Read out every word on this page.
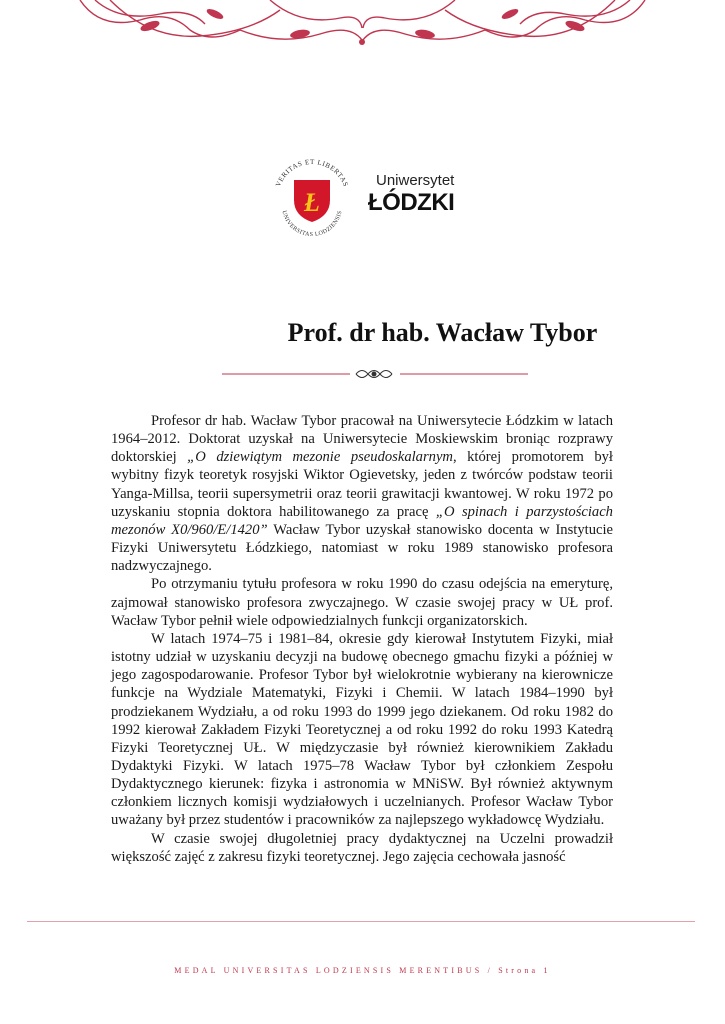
VERITAS ET LIBERTAS
UNIVERSITAS LODZIENSIS
Ł
Uniwersytet
ŁÓDZKI
Prof. dr hab. Wacław Tybor

Profesor dr hab. Wacław Tybor pracował na Uniwersytecie Łódzkim w latach 1964–2012. Doktorat uzyskał na Uniwersytecie Moskiewskim broniąc rozprawy doktorskiej „O dziewiątym mezonie pseudoskalarnym, której promotorem był wybitny fizyk teoretyk rosyjski Wiktor Ogievetsky, jeden z twórców podstaw teorii Yanga-Millsa, teorii supersymetrii oraz teorii grawitacji kwantowej. W roku 1972 po uzyskaniu stopnia doktora habilitowanego za pracę „O spinach i parzystościach mezonów X0/960/E/1420” Wacław Tybor uzyskał stanowisko docenta w Instytucie Fizyki Uniwersytetu Łódzkiego, natomiast w roku 1989 stanowisko profesora nadzwyczajnego.

Po otrzymaniu tytułu profesora w roku 1990 do czasu odejścia na emeryturę, zajmował stanowisko profesora zwyczajnego. W czasie swojej pracy w UŁ prof. Wacław Tybor pełnił wiele odpowiedzialnych funkcji organizatorskich.

W latach 1974–75 i 1981–84, okresie gdy kierował Instytutem Fizyki, miał istotny udział w uzyskaniu decyzji na budowę obecnego gmachu fizyki a później w jego zagospodarowanie. Profesor Tybor był wielokrotnie wybierany na kierownicze funkcje na Wydziale Matematyki, Fizyki i Chemii. W latach 1984–1990 był prodziekanem Wydziału, a od roku 1993 do 1999 jego dziekanem. Od roku 1982 do 1992 kierował Zakładem Fizyki Teoretycznej a od roku 1992 do roku 1993 Katedrą Fizyki Teoretycznej UŁ. W międzyczasie był również kierownikiem Zakładu Dydaktyki Fizyki. W latach 1975–78 Wacław Tybor był członkiem Zespołu Dydaktycznego kierunek: fizyka i astronomia w MNiSW. Był również aktywnym członkiem licznych komisji wydziałowych i uczelnianych. Profesor Wacław Tybor uważany był przez studentów i pracowników za najlepszego wykładowcę Wydziału.

W czasie swojej długoletniej pracy dydaktycznej na Uczelni prowadził większość zajęć z zakresu fizyki teoretycznej. Jego zajęcia cechowała jasność

MEDAL UNIVERSITAS LODZIENSIS MERENTIBUS / Strona 1
